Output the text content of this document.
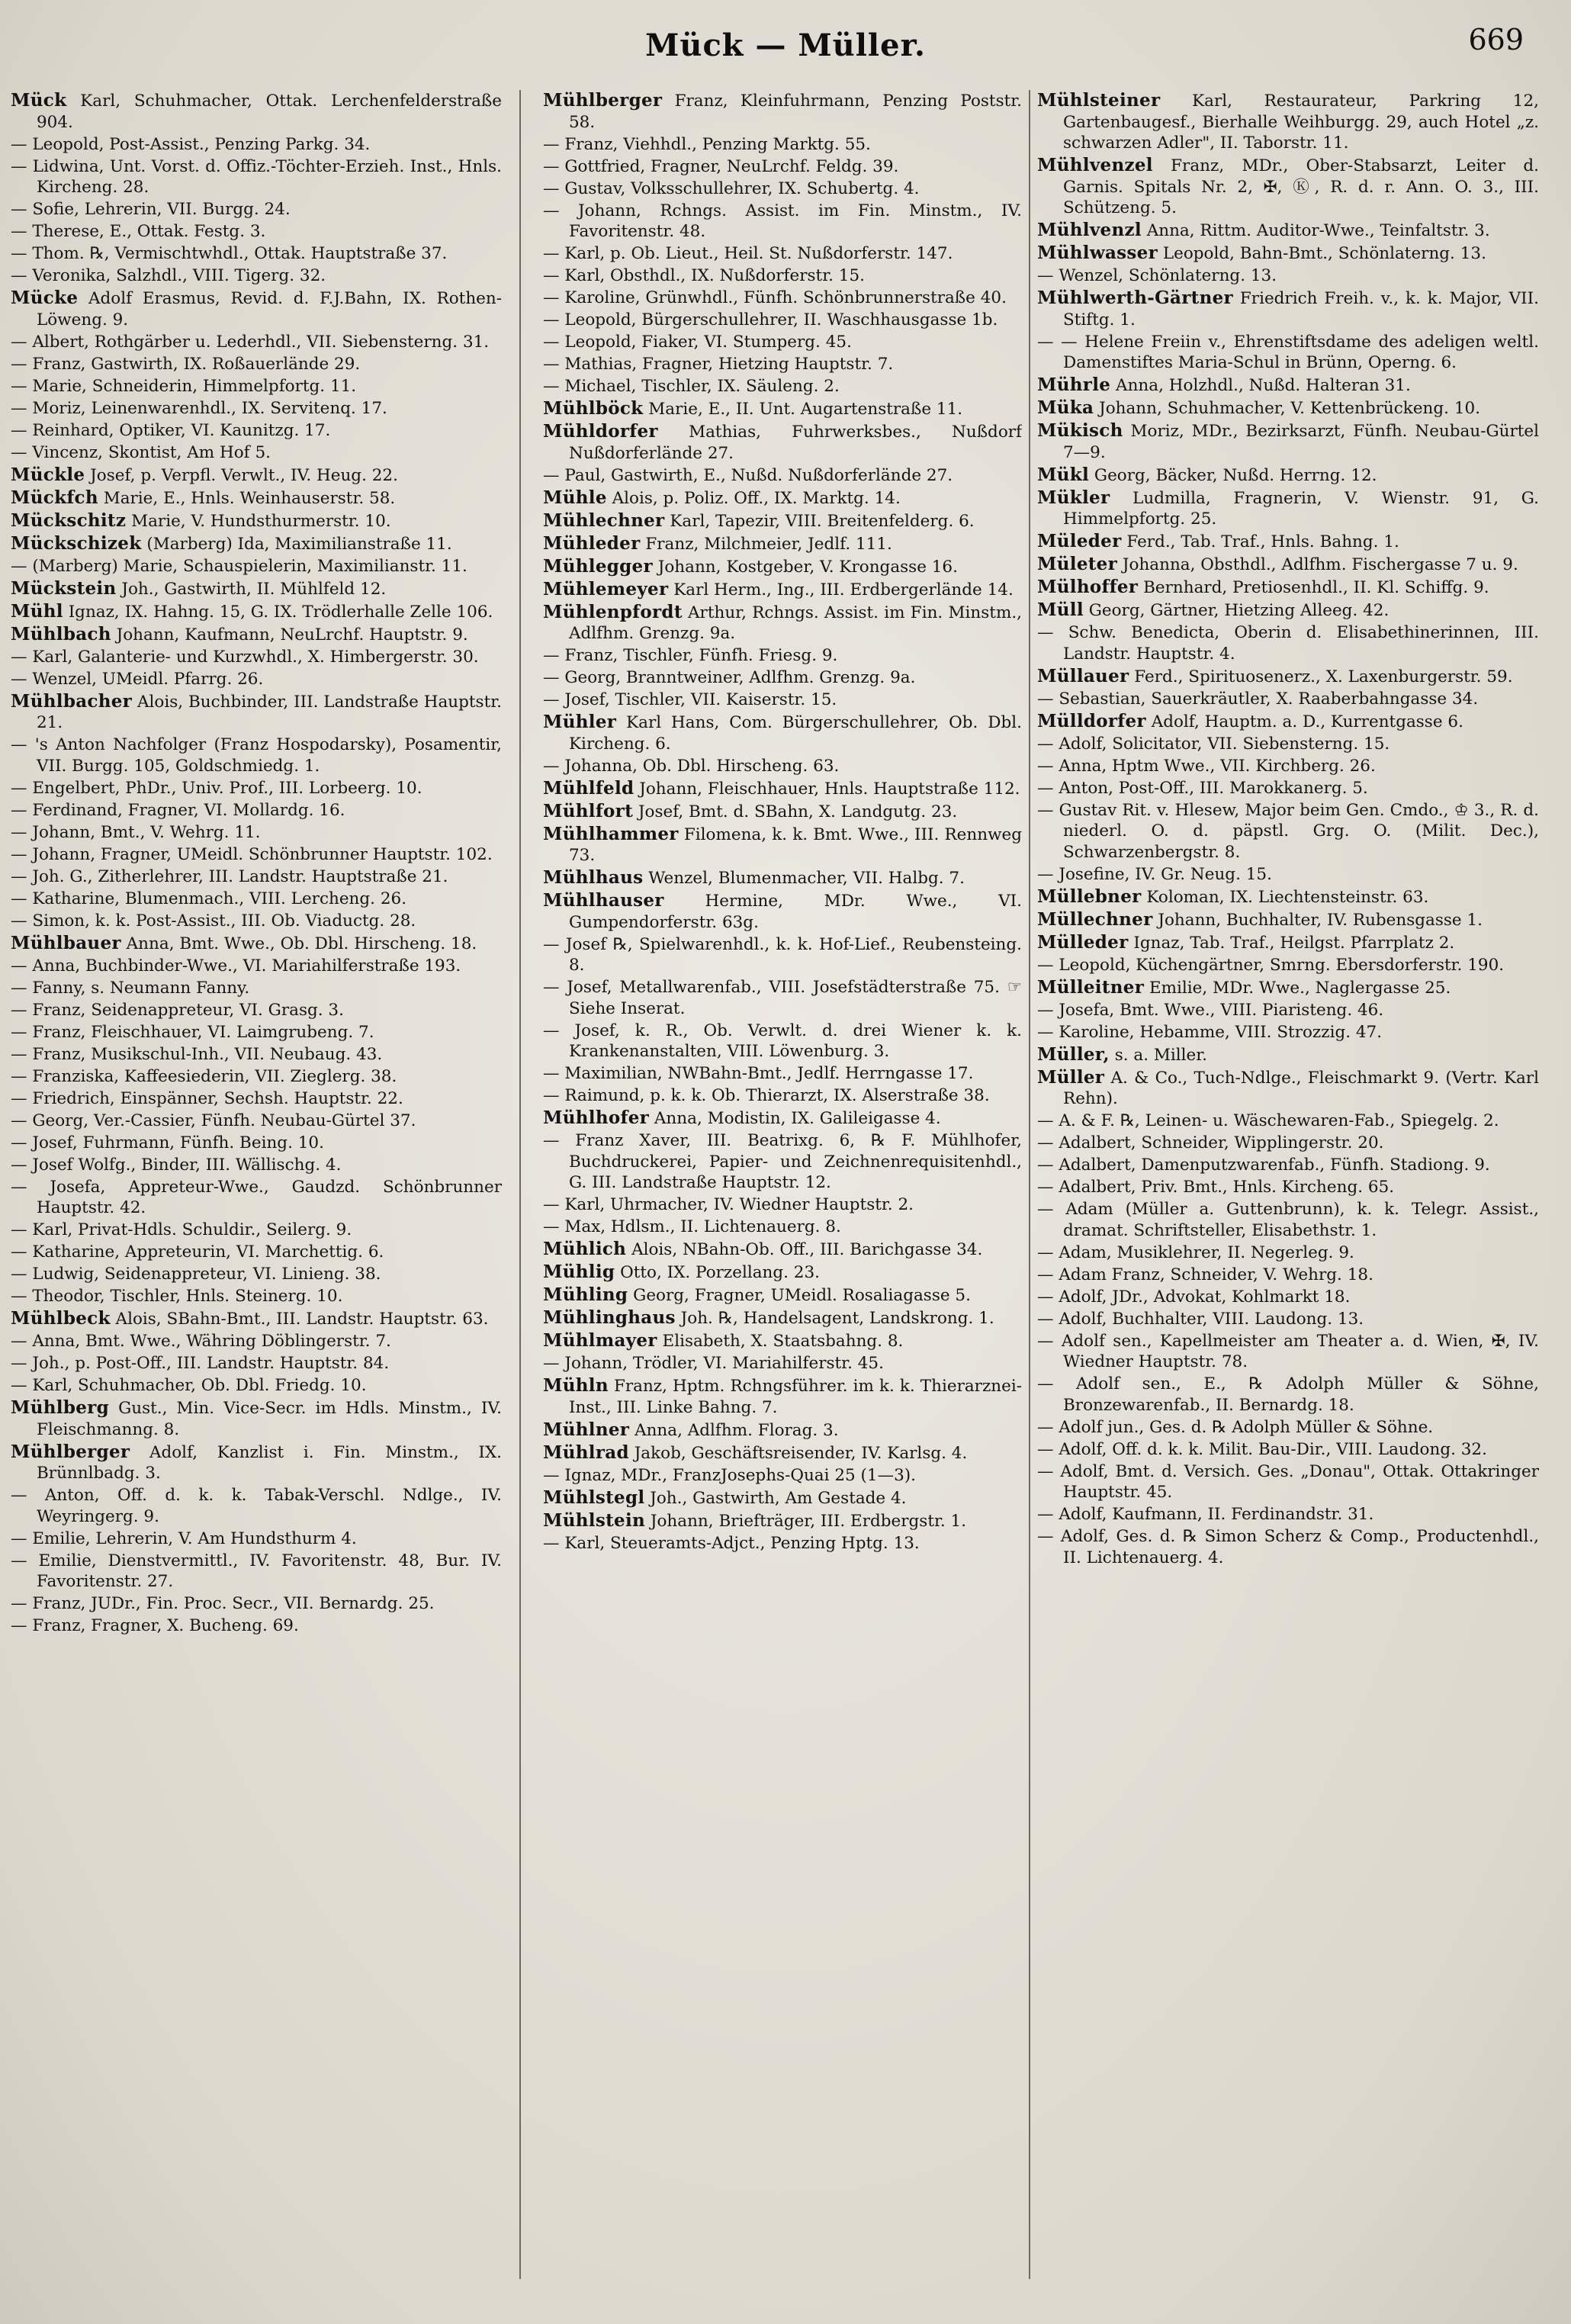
Mück — Müller.	669

Mück Karl, Schuhmacher, Ottak. Lerchenfelderstraße 904.

— Leopold, Post-Assist., Penzing Parkg. 34.

— Lidwina, Unt. Vorst. d. Offiz.-Töchter-Erzieh. Inst., Hnls. Kircheng. 28.

— Sofie, Lehrerin, VII. Burgg. 24.

— Therese, E., Ottak. Festg. 3.

— Thom. ℞, Vermischtwhdl., Ottak. Hauptstraße 37.

— Veronika, Salzhdl., VIII. Tigerg. 32.

Mücke Adolf Erasmus, Revid. d. F.J.Bahn, IX. Rothen-Löweng. 9.

— Albert, Rothgärber u. Lederhdl., VII. Siebensterng. 31.

— Franz, Gastwirth, IX. Roßauerlände 29.

— Marie, Schneiderin, Himmelpfortg. 11.

— Moriz, Leinenwarenhdl., IX. Servitenq. 17.

— Reinhard, Optiker, VI. Kaunitzg. 17.

— Vincenz, Skontist, Am Hof 5.

Mückle Josef, p. Verpfl. Verwlt., IV. Heug. 22.

Mückfch Marie, E., Hnls. Weinhauserstr. 58.

Mückschitz Marie, V. Hundsthurmerstr. 10.

Mückschizek (Marberg) Ida, Maximilianstraße 11.

— (Marberg) Marie, Schauspielerin, Maximilianstr. 11.

Mückstein Joh., Gastwirth, II. Mühlfeld 12.

Mühl Ignaz, IX. Hahng. 15, G. IX. Trödlerhalle Zelle 106.

Mühlbach Johann, Kaufmann, NeuLrchf. Hauptstr. 9.

— Karl, Galanterie- und Kurzwhdl., X. Himbergerstr. 30.

— Wenzel, UMeidl. Pfarrg. 26.

Mühlbacher Alois, Buchbinder, III. Landstraße Hauptstr. 21.

— 's Anton Nachfolger (Franz Hospodarsky), Posamentir, VII. Burgg. 105, Goldschmiedg. 1.

— Engelbert, PhDr., Univ. Prof., III. Lorbeerg. 10.

— Ferdinand, Fragner, VI. Mollardg. 16.

— Johann, Bmt., V. Wehrg. 11.

— Johann, Fragner, UMeidl. Schönbrunner Hauptstr. 102.

— Joh. G., Zitherlehrer, III. Landstr. Hauptstraße 21.

— Katharine, Blumenmach., VIII. Lercheng. 26.

— Simon, k. k. Post-Assist., III. Ob. Viaductg. 28.

Mühlbauer Anna, Bmt. Wwe., Ob. Dbl. Hirscheng. 18.

— Anna, Buchbinder-Wwe., VI. Mariahilferstraße 193.

— Fanny, s. Neumann Fanny.

— Franz, Seidenappreteur, VI. Grasg. 3.

— Franz, Fleischhauer, VI. Laimgrubeng. 7.

— Franz, Musikschul-Inh., VII. Neubaug. 43.

— Franziska, Kaffeesiederin, VII. Zieglerg. 38.

— Friedrich, Einspänner, Sechsh. Hauptstr. 22.

— Georg, Ver.-Cassier, Fünfh. Neubau-Gürtel 37.

— Josef, Fuhrmann, Fünfh. Being. 10.

— Josef Wolfg., Binder, III. Wällischg. 4.

— Josefa, Appreteur-Wwe., Gaudzd. Schönbrunner Hauptstr. 42.

— Karl, Privat-Hdls. Schuldir., Seilerg. 9.

— Katharine, Appreteurin, VI. Marchettig. 6.

— Ludwig, Seidenappreteur, VI. Linieng. 38.

— Theodor, Tischler, Hnls. Steinerg. 10.

Mühlbeck Alois, SBahn-Bmt., III. Landstr. Hauptstr. 63.

— Anna, Bmt. Wwe., Währing Döblingerstr. 7.

— Joh., p. Post-Off., III. Landstr. Hauptstr. 84.

— Karl, Schuhmacher, Ob. Dbl. Friedg. 10.

Mühlberg Gust., Min. Vice-Secr. im Hdls. Minstm., IV. Fleischmanng. 8.

Mühlberger Adolf, Kanzlist i. Fin. Minstm., IX. Brünnlbadg. 3.

— Anton, Off. d. k. k. Tabak-Verschl. Ndlge., IV. Weyringerg. 9.

— Emilie, Lehrerin, V. Am Hundsthurm 4.

— Emilie, Dienstvermittl., IV. Favoritenstr. 48, Bur. IV. Favoritenstr. 27.

— Franz, JUDr., Fin. Proc. Secr., VII. Bernardg. 25.

— Franz, Fragner, X. Bucheng. 69.

Mühlberger Franz, Kleinfuhrmann, Penzing Poststr. 58.

— Franz, Viehhdl., Penzing Marktg. 55.

— Gottfried, Fragner, NeuLrchf. Feldg. 39.

— Gustav, Volksschullehrer, IX. Schubertg. 4.

— Johann, Rchngs. Assist. im Fin. Minstm., IV. Favoritenstr. 48.

— Karl, p. Ob. Lieut., Heil. St. Nußdorferstr. 147.

— Karl, Obsthdl., IX. Nußdorferstr. 15.

— Karoline, Grünwhdl., Fünfh. Schönbrunnerstraße 40.

— Leopold, Bürgerschullehrer, II. Waschhausgasse 1b.

— Leopold, Fiaker, VI. Stumperg. 45.

— Mathias, Fragner, Hietzing Hauptstr. 7.

— Michael, Tischler, IX. Säuleng. 2.

Mühlböck Marie, E., II. Unt. Augartenstraße 11.

Mühldorfer Mathias, Fuhrwerksbes., Nußdorf Nußdorferlände 27.

— Paul, Gastwirth, E., Nußd. Nußdorferlände 27.

Mühle Alois, p. Poliz. Off., IX. Marktg. 14.

Mühlechner Karl, Tapezir, VIII. Breitenfelderg. 6.

Mühleder Franz, Milchmeier, Jedlf. 111.

Mühlegger Johann, Kostgeber, V. Krongasse 16.

Mühlemeyer Karl Herm., Ing., III. Erdbergerlände 14.

Mühlenpfordt Arthur, Rchngs. Assist. im Fin. Minstm., Adlfhm. Grenzg. 9a.

— Franz, Tischler, Fünfh. Friesg. 9.

— Georg, Branntweiner, Adlfhm. Grenzg. 9a.

— Josef, Tischler, VII. Kaiserstr. 15.

Mühler Karl Hans, Com. Bürgerschullehrer, Ob. Dbl. Kircheng. 6.

— Johanna, Ob. Dbl. Hirscheng. 63.

Mühlfeld Johann, Fleischhauer, Hnls. Hauptstraße 112.

Mühlfort Josef, Bmt. d. SBahn, X. Landgutg. 23.

Mühlhammer Filomena, k. k. Bmt. Wwe., III. Rennweg 73.

Mühlhaus Wenzel, Blumenmacher, VII. Halbg. 7.

Mühlhauser	Hermine, MDr. Wwe., VI. Gumpendorferstr. 63g.

— Josef ℞, Spielwarenhdl., k. k. Hof-Lief., Reubensteing. 8.

— Josef, Metallwarenfab., VIII. Josefstädterstraße 75. ☞ Siehe Inserat.

— Josef, k. R., Ob. Verwlt. d. drei Wiener k. k. Krankenanstalten, VIII. Löwenburg. 3.

— Maximilian, NWBahn-Bmt., Jedlf. Herrngasse 17.

— Raimund, p. k. k. Ob. Thierarzt, IX. Alserstraße 38.

Mühlhofer Anna, Modistin, IX. Galileigasse 4.

— Franz Xaver, III. Beatrixg. 6, ℞ F. Mühlhofer, Buchdruckerei, Papier- und Zeichnenrequisitenhdl., G. III. Landstraße Hauptstr. 12.

— Karl, Uhrmacher, IV. Wiedner Hauptstr. 2.

— Max, Hdlsm., II. Lichtenauerg. 8.

Mühlich Alois, NBahn-Ob. Off., III. Barichgasse 34.

Mühlig Otto, IX. Porzellang. 23.

Mühling Georg, Fragner, UMeidl. Rosaliagasse 5.

Mühlinghaus Joh. ℞, Handelsagent, Landskrong. 1.

Mühlmayer Elisabeth, X. Staatsbahng. 8.

— Johann, Trödler, VI. Mariahilferstr. 45.

Mühln Franz, Hptm. Rchngsführer. im k. k. Thierarznei-Inst., III. Linke Bahng. 7.

Mühlner Anna, Adlfhm. Florag. 3.

Mühlrad Jakob, Geschäftsreisender, IV. Karlsg. 4.

— Ignaz, MDr., FranzJosephs-Quai 25 (1—3).

Mühlstegl Joh., Gastwirth, Am Gestade 4.

Mühlstein Johann, Briefträger, III. Erdbergstr. 1.

— Karl, Steueramts-Adjct., Penzing Hptg. 13.

Mühlsteiner Karl, Restaurateur, Parkring 12, Gartenbaugesf., Bierhalle Weihburgg. 29, auch Hotel „z. schwarzen Adler", II. Taborstr. 11.

Mühlvenzel Franz, MDr., Ober-Stabsarzt, Leiter d. Garnis. Spitals Nr. 2, ✠, Ⓚ, R. d. r. Ann. O. 3., III. Schützeng. 5.

Mühlvenzl Anna, Rittm. Auditor-Wwe., Teinfaltstr. 3.

Mühlwasser Leopold, Bahn-Bmt., Schönlaterng. 13.

— Wenzel, Schönlaterng. 13.

Mühlwerth-Gärtner Friedrich Freih. v., k. k. Major, VII. Stiftg. 1.

— — Helene Freiin v., Ehrenstiftsdame des adeligen weltl. Damenstiftes Maria-Schul in Brünn, Operng. 6.

Mührle Anna, Holzhdl., Nußd. Halteran 31.

Müka Johann, Schuhmacher, V. Kettenbrückeng. 10.

Mükisch Moriz, MDr., Bezirksarzt, Fünfh. Neubau-Gürtel 7—9.

Mükl Georg, Bäcker, Nußd. Herrng. 12.

Mükler Ludmilla, Fragnerin, V. Wienstr. 91, G. Himmelpfortg. 25.

Müleder Ferd., Tab. Traf., Hnls. Bahng. 1.

Mületer Johanna, Obsthdl., Adlfhm. Fischergasse 7 u. 9.

Mülhoffer Bernhard, Pretiosenhdl., II. Kl. Schiffg. 9.

Müll Georg, Gärtner, Hietzing Alleeg. 42.

— Schw. Benedicta, Oberin d. Elisabethinerinnen, III. Landstr. Hauptstr. 4.

Müllauer Ferd., Spirituosenerz., X. Laxenburgerstr. 59.

— Sebastian, Sauerkräutler, X. Raaberbahngasse 34.

Mülldorfer Adolf, Hauptm. a. D., Kurrentgasse 6.

— Adolf, Solicitator, VII. Siebensterng. 15.

— Anna, Hptm Wwe., VII. Kirchberg. 26.

— Anton, Post-Off., III. Marokkanerg. 5.

— Gustav Rit. v. Hlesew, Major beim Gen. Cmdo., ♔ 3., R. d. niederl. O. d. päpstl. Grg. O. (Milit. Dec.), Schwarzenbergstr. 8.

— Josefine, IV. Gr. Neug. 15.

Müllebner Koloman, IX. Liechtensteinstr. 63.

Müllechner Johann, Buchhalter, IV. Rubensgasse 1.

Mülleder Ignaz, Tab. Traf., Heilgst. Pfarrplatz 2.

— Leopold, Küchengärtner, Smrng. Ebersdorferstr. 190.

Mülleitner Emilie, MDr. Wwe., Naglergasse 25.

— Josefa, Bmt. Wwe., VIII. Piaristeng. 46.

— Karoline, Hebamme, VIII. Strozzig. 47.

Müller, s. a. Miller.

Müller A. & Co., Tuch-Ndlge., Fleischmarkt 9. (Vertr. Karl Rehn).

— A. & F. ℞, Leinen- u. Wäschewaren-Fab., Spiegelg. 2.

— Adalbert, Schneider, Wipplingerstr. 20.

— Adalbert, Damenputzwarenfab., Fünfh. Stadiong. 9.

— Adalbert, Priv. Bmt., Hnls. Kircheng. 65.

— Adam (Müller a. Guttenbrunn), k. k. Telegr. Assist., dramat. Schriftsteller, Elisabethstr. 1.

— Adam, Musiklehrer, II. Negerleg. 9.

— Adam Franz, Schneider, V. Wehrg. 18.

— Adolf, JDr., Advokat, Kohlmarkt 18.

— Adolf, Buchhalter, VIII. Laudong. 13.

— Adolf sen., Kapellmeister am Theater a. d. Wien, ✠, IV. Wiedner Hauptstr. 78.

— Adolf sen., E., ℞ Adolph Müller & Söhne, Bronzewarenfab., II. Bernardg. 18.

— Adolf jun., Ges. d. ℞ Adolph Müller & Söhne.

— Adolf, Off. d. k. k. Milit. Bau-Dir., VIII. Laudong. 32.

— Adolf, Bmt. d. Versich. Ges. „Donau", Ottak. Ottakringer Hauptstr. 45.

— Adolf, Kaufmann, II. Ferdinandstr. 31.

— Adolf, Ges. d. ℞ Simon Scherz & Comp., Productenhdl., II. Lichtenauerg. 4.
